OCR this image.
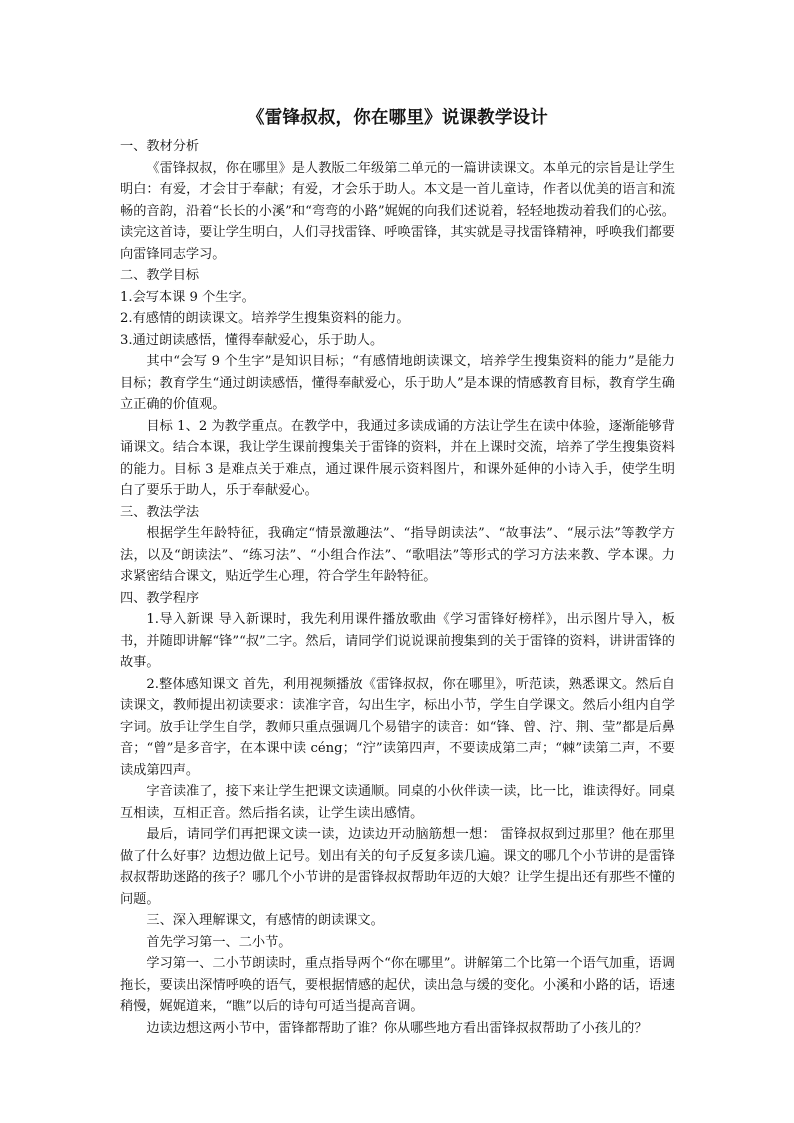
《雷锋叔叔，你在哪里》说课教学设计

一、教材分析

《雷锋叔叔，你在哪里》是人教版二年级第二单元的一篇讲读课文。本单元的宗旨是让学生明白：有爱，才会甘于奉献；有爱，才会乐于助人。本文是一首儿童诗，作者以优美的语言和流畅的音韵，沿着“长长的小溪”和“弯弯的小路”娓娓的向我们述说着，轻轻地拨动着我们的心弦。读完这首诗，要让学生明白，人们寻找雷锋、呼唤雷锋，其实就是寻找雷锋精神，呼唤我们都要向雷锋同志学习。

二、教学目标

1.会写本课 9 个生字。

2.有感情的朗读课文。培养学生搜集资料的能力。

3.通过朗读感悟，懂得奉献爱心，乐于助人。

其中“会写 9 个生字”是知识目标；“有感情地朗读课文，培养学生搜集资料的能力”是能力目标；教育学生“通过朗读感悟，懂得奉献爱心，乐于助人”是本课的情感教育目标，教育学生确立正确的价值观。

目标 1、2 为教学重点。在教学中，我通过多读成诵的方法让学生在读中体验，逐渐能够背诵课文。结合本课，我让学生课前搜集关于雷锋的资料，并在上课时交流，培养了学生搜集资料的能力。目标 3 是难点关于难点，通过课件展示资料图片，和课外延伸的小诗入手，使学生明白了要乐于助人，乐于奉献爱心。

三、教法学法

根据学生年龄特征，我确定“情景激趣法”、“指导朗读法”、“故事法”、“展示法”等教学方法，以及“朗读法”、“练习法”、“小组合作法”、“歌唱法”等形式的学习方法来教、学本课。力求紧密结合课文，贴近学生心理，符合学生年龄特征。

四、教学程序

1.导入新课 导入新课时，我先利用课件播放歌曲《学习雷锋好榜样》，出示图片导入，板书，并随即讲解“锋”“叔”二字。然后，请同学们说说课前搜集到的关于雷锋的资料，讲讲雷锋的故事。

2.整体感知课文 首先，利用视频播放《雷锋叔叔，你在哪里》，听范读，熟悉课文。然后自读课文，教师提出初读要求：读准字音，勾出生字，标出小节，学生自学课文。然后小组内自学字词。放手让学生自学，教师只重点强调几个易错字的读音：如“锋、曾、泞、荆、莹”都是后鼻音；“曾”是多音字，在本课中读 céng；“泞”读第四声，不要读成第二声；“棘”读第二声，不要读成第四声。

字音读准了，接下来让学生把课文读通顺。同桌的小伙伴读一读，比一比，谁读得好。同桌互相读，互相正音。然后指名读，让学生读出感情。

最后，请同学们再把课文读一读，边读边开动脑筋想一想： 雷锋叔叔到过那里？他在那里做了什么好事？边想边做上记号。划出有关的句子反复多读几遍。课文的哪几个小节讲的是雷锋叔叔帮助迷路的孩子？哪几个小节讲的是雷锋叔叔帮助年迈的大娘？让学生提出还有那些不懂的问题。

三、深入理解课文，有感情的朗读课文。

首先学习第一、二小节。

学习第一、二小节朗读时，重点指导两个“你在哪里”。讲解第二个比第一个语气加重，语调拖长，要读出深情呼唤的语气，要根据情感的起伏，读出急与缓的变化。小溪和小路的话，语速稍慢，娓娓道来，“瞧”以后的诗句可适当提高音调。

边读边想这两小节中，雷锋都帮助了谁？你从哪些地方看出雷锋叔叔帮助了小孩儿的？
